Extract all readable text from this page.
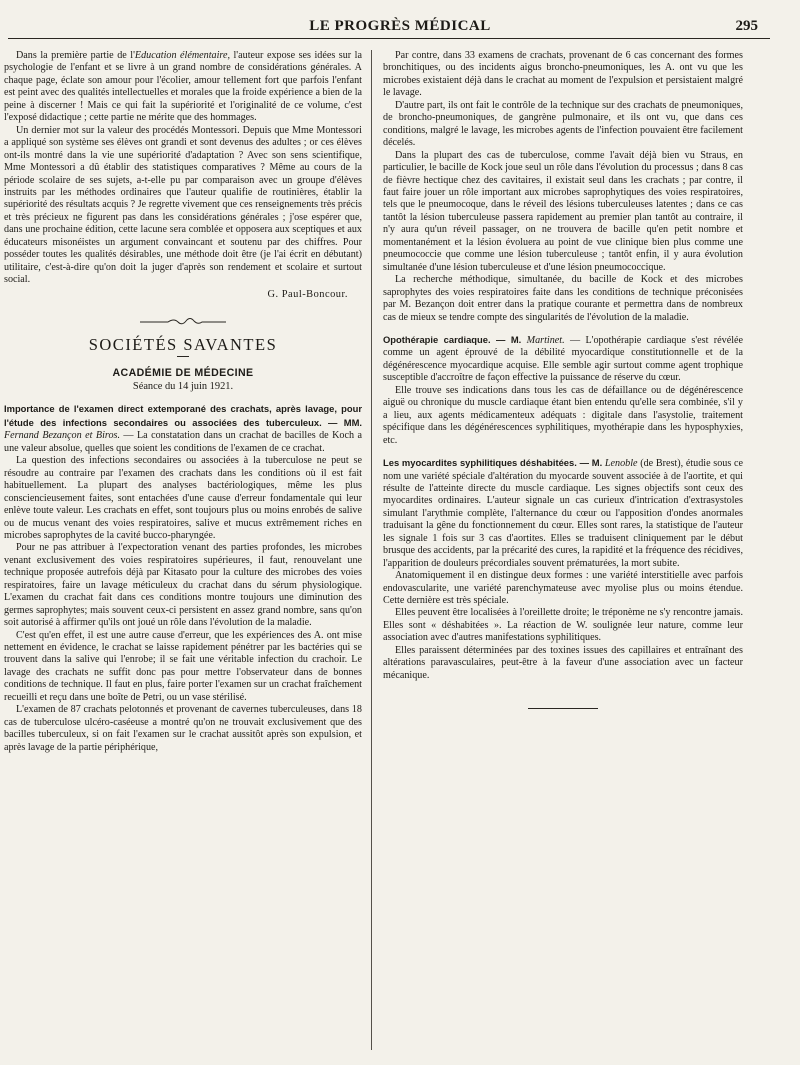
LE PROGRÈS MÉDICAL	295

Dans la première partie de l'Education élémentaire, l'auteur expose ses idées sur la psychologie de l'enfant et se livre à un grand nombre de considérations générales. A chaque page, éclate son amour pour l'écolier, amour tellement fort que parfois l'enfant est peint avec des qualités intellectuelles et morales que la froide expérience a bien de la peine à discerner ! Mais ce qui fait la supériorité et l'originalité de ce volume, c'est l'exposé didactique ; cette partie ne mérite que des hommages.

Un dernier mot sur la valeur des procédés Montessori. Depuis que Mme Montessori a appliqué son système ses élèves ont grandi et sont devenus des adultes ; or ces élèves ont-ils montré dans la vie une supériorité d'adaptation ? Avec son sens scientifique, Mme Montessori a dû établir des statistiques comparatives ? Même au cours de la période scolaire de ses sujets, a-t-elle pu par comparaison avec un groupe d'élèves instruits par les méthodes ordinaires que l'auteur qualifie de routinières, établir la supériorité des résultats acquis ? Je regrette vivement que ces renseignements très précis et très précieux ne figurent pas dans les considérations générales ; j'ose espérer que, dans une prochaine édition, cette lacune sera comblée et opposera aux sceptiques et aux éducateurs misonéistes un argument convaincant et soutenu par des chiffres. Pour posséder toutes les qualités désirables, une méthode doit être (je l'ai écrit en débutant) utilitaire, c'est-à-dire qu'on doit la juger d'après son rendement et scolaire et surtout social.

G. Paul-Boncour.
SOCIÉTÉS SAVANTES
ACADÉMIE DE MÉDECINE
Séance du 14 juin 1921.

Importance de l'examen direct extemporané des crachats, après lavage, pour l'étude des infections secondaires ou associées des tuberculeux. — MM. Fernand Bezançon et Biros. — La constatation dans un crachat de bacilles de Koch a une valeur absolue, quelles que soient les conditions de l'examen de ce crachat.

La question des infections secondaires ou associées à la tuberculose ne peut se résoudre au contraire par l'examen des crachats dans les conditions où il est fait habituellement. La plupart des analyses bactériologiques, même les plus consciencieusement faites, sont entachées d'une cause d'erreur fondamentale qui leur enlève toute valeur. Les crachats en effet, sont toujours plus ou moins enrobés de salive ou de mucus venant des voies respiratoires, salive et mucus extrêmement riches en microbes saprophytes de la cavité bucco-pharyngée.

Pour ne pas attribuer à l'expectoration venant des parties profondes, les microbes venant exclusivement des voies respiratoires supérieures, il faut, renouvelant une technique proposée autrefois déjà par Kitasato pour la culture des microbes des voies respiratoires, faire un lavage méticuleux du crachat dans du sérum physiologique. L'examen du crachat fait dans ces conditions montre toujours une diminution des germes saprophytes; mais souvent ceux-ci persistent en assez grand nombre, sans qu'on soit autorisé à affirmer qu'ils ont joué un rôle dans l'évolution de la maladie.

C'est qu'en effet, il est une autre cause d'erreur, que les expériences des A. ont mise nettement en évidence, le crachat se laisse rapidement pénétrer par les bactéries qui se trouvent dans la salive qui l'enrobe; il se fait une véritable infection du crachoir. Le lavage des crachats ne suffit donc pas pour mettre l'observateur dans de bonnes conditions de technique. Il faut en plus, faire porter l'examen sur un crachat fraîchement recueilli et reçu dans une boîte de Petri, ou un vase stérilisé.

L'examen de 87 crachats pelotonnés et provenant de cavernes tuberculeuses, dans 18 cas de tuberculose ulcéro-caséeuse a montré qu'on ne trouvait exclusivement que des bacilles tuberculeux, si on fait l'examen sur le crachat aussitôt après son expulsion, et après lavage de la partie périphérique,

Par contre, dans 33 examens de crachats, provenant de 6 cas concernant des formes bronchitiques, ou des incidents aigus broncho-pneumoniques, les A. ont vu que les microbes existaient déjà dans le crachat au moment de l'expulsion et persistaient malgré le lavage.

D'autre part, ils ont fait le contrôle de la technique sur des crachats de pneumoniques, de broncho-pneumoniques, de gangrène pulmonaire, et ils ont vu, que dans ces conditions, malgré le lavage, les microbes agents de l'infection pouvaient être facilement décelés.

Dans la plupart des cas de tuberculose, comme l'avait déjà bien vu Straus, en particulier, le bacille de Kock joue seul un rôle dans l'évolution du processus ; dans 8 cas de fièvre hectique chez des cavitaires, il existait seul dans les crachats ; par contre, il faut faire jouer un rôle important aux microbes saprophytiques des voies respiratoires, tels que le pneumocoque, dans le réveil des lésions tuberculeuses latentes ; dans ce cas tantôt la lésion tuberculeuse passera rapidement au premier plan tantôt au contraire, il n'y aura qu'un réveil passager, on ne trouvera de bacille qu'en petit nombre et momentanément et la lésion évoluera au point de vue clinique bien plus comme une pneumococcie que comme une lésion tuberculeuse ; tantôt enfin, il y aura évolution simultanée d'une lésion tuberculeuse et d'une lésion pneumococcique.

La recherche méthodique, simultanée, du bacille de Kock et des microbes saprophytes des voies respiratoires faite dans les conditions de technique préconisées par M. Bezançon doit entrer dans la pratique courante et permettra dans de nombreux cas de mieux se tendre compte des singularités de l'évolution de la maladie.

Opothérapie cardiaque. — M. Martinet. — L'opothérapie cardiaque s'est révélée comme un agent éprouvé de la débilité myocardique constitutionnelle et de la dégénérescence myocardique acquise. Elle semble agir surtout comme agent trophique susceptible d'accroître de façon effective la puissance de réserve du cœur.

Elle trouve ses indications dans tous les cas de défaillance ou de dégénérescence aiguë ou chronique du muscle cardiaque étant bien entendu qu'elle sera combinée, s'il y a lieu, aux agents médicamenteux adéquats : digitale dans l'asystolie, traitement spécifique dans les dégénérescences syphilitiques, myothérapie dans les hyposphyxies, etc.

Les myocardites syphilitiques déshabitées. — M. Lenoble (de Brest), étudie sous ce nom une variété spéciale d'altération du myocarde souvent associée à de l'aortite, et qui résulte de l'atteinte directe du muscle cardiaque. Les signes objectifs sont ceux des myocardites ordinaires. L'auteur signale un cas curieux d'intrication d'extrasystoles simulant l'arythmie complète, l'alternance du cœur ou l'apposition d'ondes anormales traduisant la gêne du fonctionnement du cœur. Elles sont rares, la statistique de l'auteur les signale 1 fois sur 3 cas d'aortites. Elles se traduisent cliniquement par le début brusque des accidents, par la précarité des cures, la rapidité et la fréquence des récidives, l'apparition de douleurs précordiales souvent prématurées, la mort subite.

Anatomiquement il en distingue deux formes : une variété interstitielle avec parfois endovascularite, une variété parenchymateuse avec myolise plus ou moins étendue. Cette dernière est très spéciale.

Elles peuvent être localisées à l'oreillette droite; le tréponème ne s'y rencontre jamais. Elles sont « déshabitées ». La réaction de W. soulignée leur nature, comme leur association avec d'autres manifestations syphilitiques.

Elles paraissent déterminées par des toxines issues des capillaires et entraînant des altérations paravasculaires, peut-être à la faveur d'une association avec un facteur mécanique.
